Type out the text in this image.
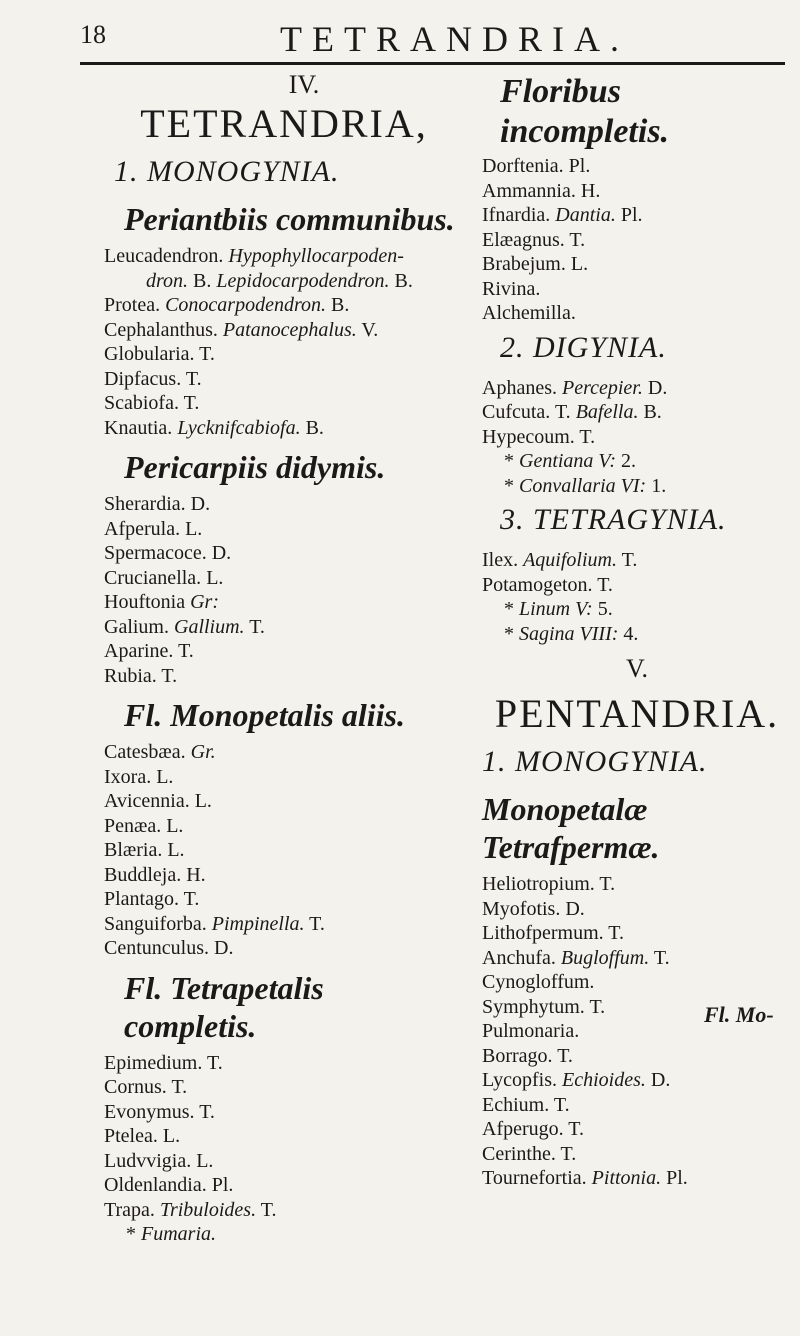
18	TETRANDRIA.
IV.
TETRANDRIA,
1. MONOGYNIA.
Periantbiis communibus.
Leucadendron. Hypophyllocarpoden-
dron. B. Lepidocarpodendron. B.
Protea. Conocarpodendron. B.
Cephalanthus. Patanocephalus. V.
Globularia. T.
Dipfacus. T.
Scabiofa. T.
Knautia. Lycknifcabiofa. B.
Pericarpiis didymis.
Sherardia. D.
Afperula. L.
Spermacoce. D.
Crucianella. L.
Houftonia Gr:
Galium. Gallium. T.
Aparine. T.
Rubia. T.
Fl. Monopetalis aliis.
Catesbæa. Gr.
Ixora. L.
Avicennia. L.
Penæa. L.
Blæria. L.
Buddleja. H.
Plantago. T.
Sanguiforba. Pimpinella. T.
Centunculus. D.
Fl. Tetrapetalis completis.
Epimedium. T.
Cornus. T.
Evonymus. T.
Ptelea. L.
Ludvvigia. L.
Oldenlandia. Pl.
Trapa. Tribuloides. T.
* Fumaria.
Floribus incompletis.
Dorftenia. Pl.
Ammannia. H.
Ifnardia. Dantia. Pl.
Elæagnus. T.
Brabejum. L.
Rivina.
Alchemilla.
2. DIGYNIA.
Aphanes. Percepier. D.
Cufcuta. T. Bafella. B.
Hypecoum. T.
* Gentiana V: 2.
* Convallaria VI: 1.
3. TETRAGYNIA.
Ilex. Aquifolium. T.
Potamogeton. T.
* Linum V: 5.
* Sagina VIII: 4.
V.
PENTANDRIA.
1. MONOGYNIA.
Monopetalæ Tetrafpermæ.
Heliotropium. T.
Myofotis. D.
Lithofpermum. T.
Anchufa. Bugloffum. T.
Cynogloffum.
Symphytum. T.
Pulmonaria.
Borrago. T.
Lycopfis. Echioides. D.
Echium. T.
Afperugo. T.
Cerinthe. T.
Tournefortia. Pittonia. Pl.
Fl. Mo-
